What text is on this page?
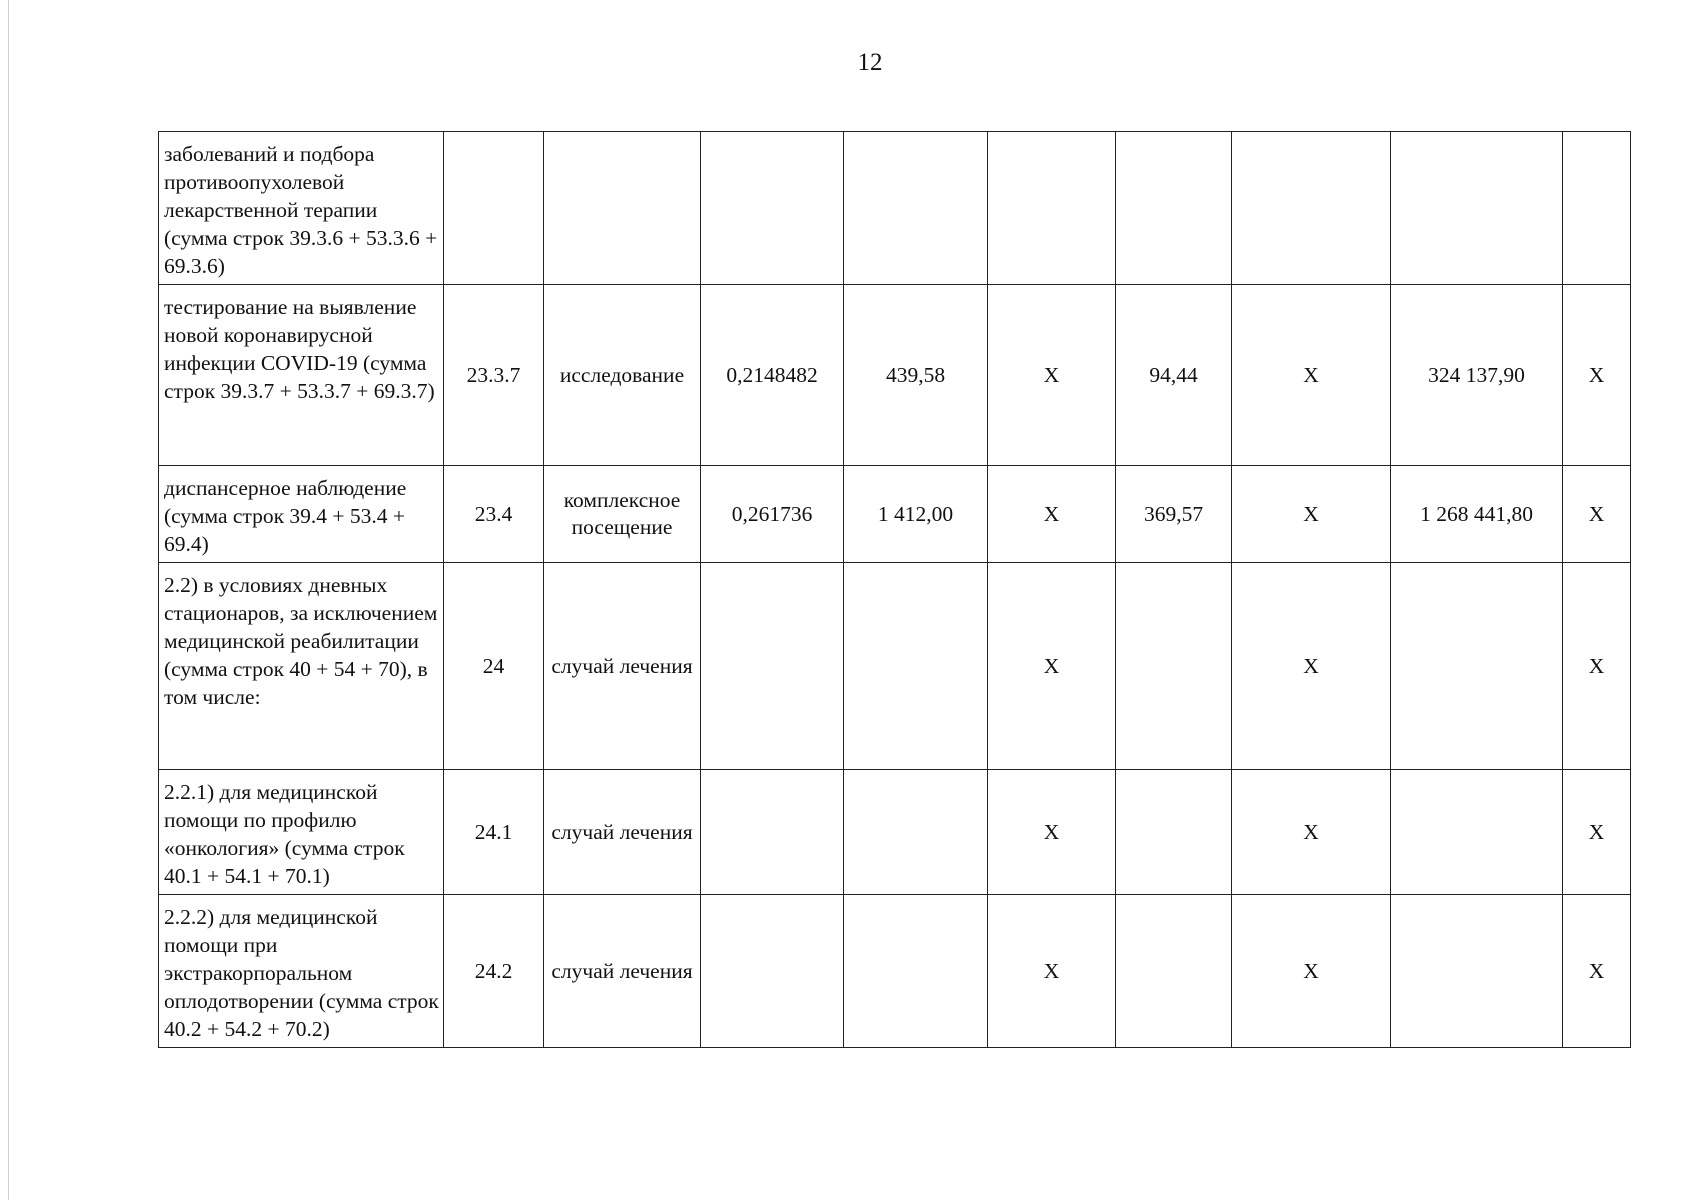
12
заболеваний и подбора противоопухолевой лекарственной терапии (сумма строк 39.3.6 + 53.3.6 + 69.3.6)									
тестирование на выявление новой коронавирусной инфекции COVID-19 (сумма строк 39.3.7 + 53.3.7 + 69.3.7)	23.3.7	исследование	0,2148482	439,58	X	94,44	X	324 137,90	X
диспансерное наблюдение (сумма строк 39.4 + 53.4 + 69.4)	23.4	комплексное посещение	0,261736	1 412,00	X	369,57	X	1 268 441,80	X
2.2) в условиях дневных стационаров, за исключением медицинской реабилитации (сумма строк 40 + 54 + 70), в том числе:	24	случай лечения			X		X		X
2.2.1) для медицинской помощи по профилю «онкология» (сумма строк 40.1 + 54.1 + 70.1)	24.1	случай лечения			X		X		X
2.2.2) для медицинской помощи при экстракорпоральном оплодотворении (сумма строк 40.2 + 54.2 + 70.2)	24.2	случай лечения			X		X		X
